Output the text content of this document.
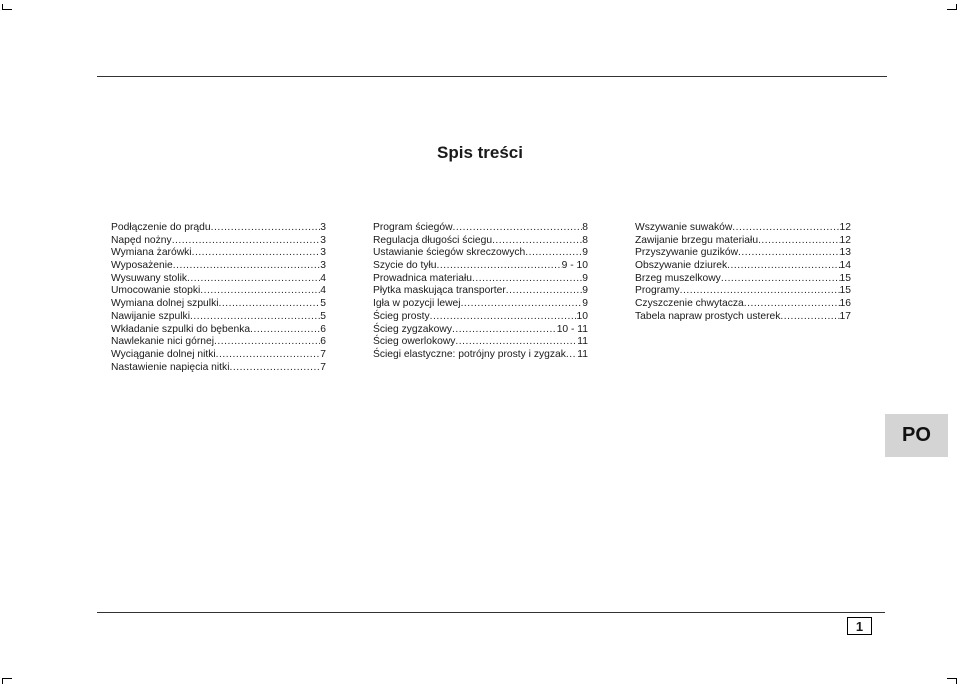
Spis treści
Podłączenie do prądu .....	3
Napęd nożny .....	3
Wymiana żarówki .....	3
Wyposażenie .....	3
Wysuwany stolik .....	4
Umocowanie stopki .....	4
Wymiana dolnej szpulki .....	5
Nawijanie szpulki .....	5
Wkładanie szpulki do bębenka .....	6
Nawlekanie nici górnej .....	6
Wyciąganie dolnej nitki .....	7
Nastawienie napięcia nitki .....	7
Program ściegów .....	8
Regulacja długości ściegu .....	8
Ustawianie ściegów skreczowych .....	9
Szycie do tyłu .....	9 - 10
Prowadnica materiału .....	9
Płytka maskująca transporter .....	9
Igła w pozycji lewej .....	9
Ścieg prosty .....	10
Ścieg zygzakowy .....	10 - 11
Ścieg owerlokowy .....	11
Ściegi elastyczne: potrójny prosty i zygzak ..... 11
Wszywanie suwaków .....	12
Zawijanie brzegu materiału .....	12
Przyszywanie guzików .....	13
Obszywanie dziurek .....	14
Brzeg muszelkowy .....	15
Programy .....	15
Czyszczenie chwytacza .....	16
Tabela napraw prostych usterek .....	17
PO
1
